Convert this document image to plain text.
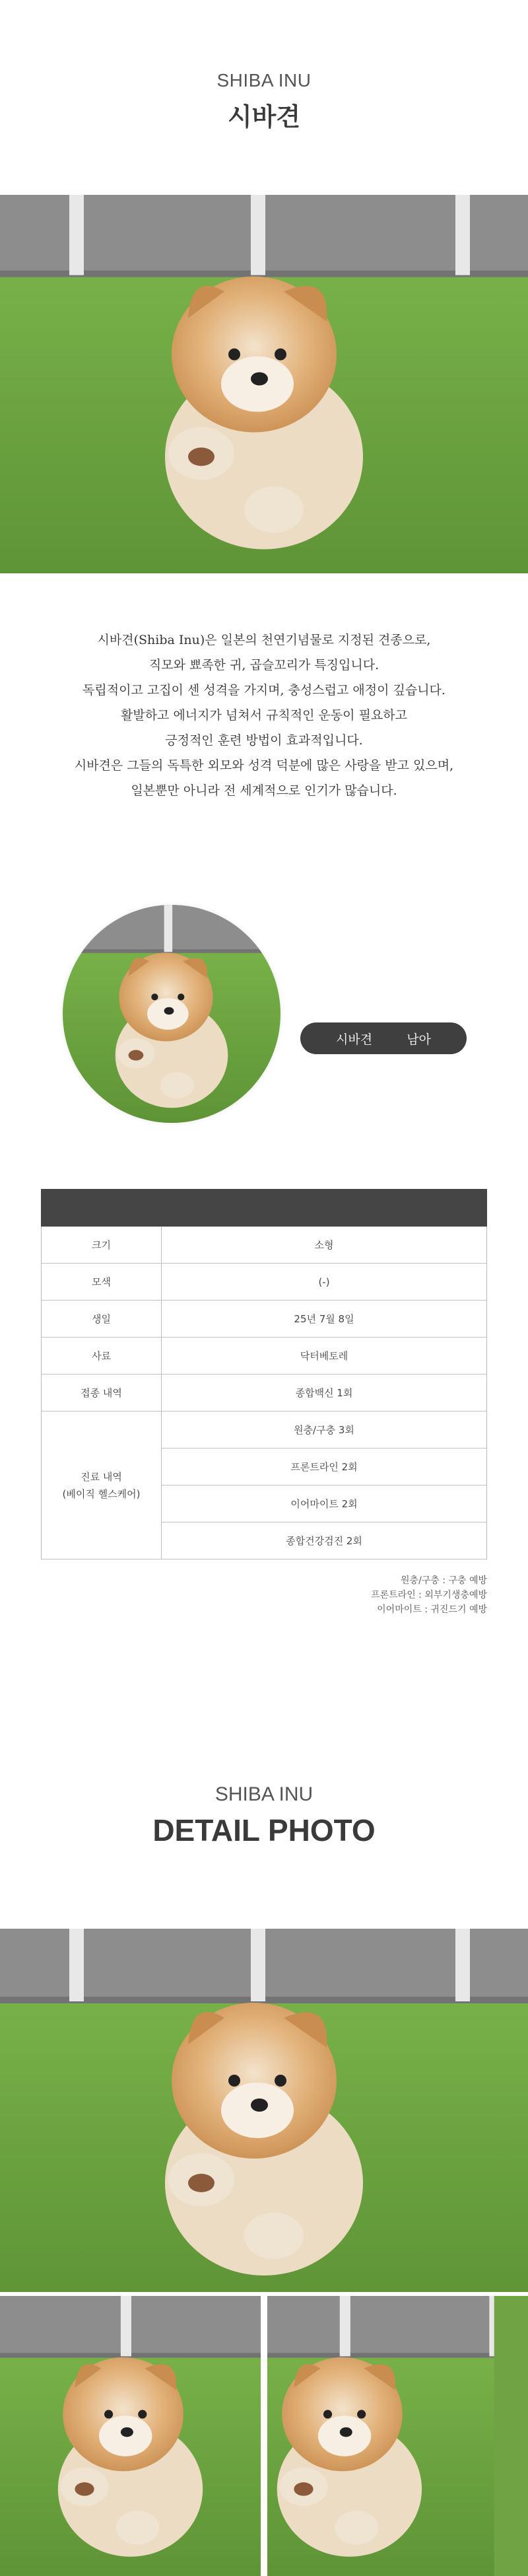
SHIBA INU
시바견

시바견(Shiba Inu)은 일본의 천연기념물로 지정된 견종으로,

직모와 뾰족한 귀, 곱슬꼬리가 특징입니다.

독립적이고 고집이 센 성격을 가지며, 충성스럽고 애정이 깊습니다.

활발하고 에너지가 넘쳐서 규칙적인 운동이 필요하고

긍정적인 훈련 방법이 효과적입니다.

시바견은 그들의 독특한 외모와 성격 덕분에 많은 사랑을 받고 있으며,

일본뿐만 아니라 전 세계적으로 인기가 많습니다.

시바견	남아

크기	소형
모색	(-)
생일	25년 7월 8일
사료	닥터베토레
접종 내역	종합백신 1회
진료 내역
(베이직 헬스케어)	원충/구충 3회
	프론트라인 2회
	이어마이트 2회
	종합건강검진 2회
원충/구충 : 구충 예방
프론트라인 : 외부기생충예방
이어마이트 : 귀진드기 예방
SHIBA INU
DETAIL PHOTO
